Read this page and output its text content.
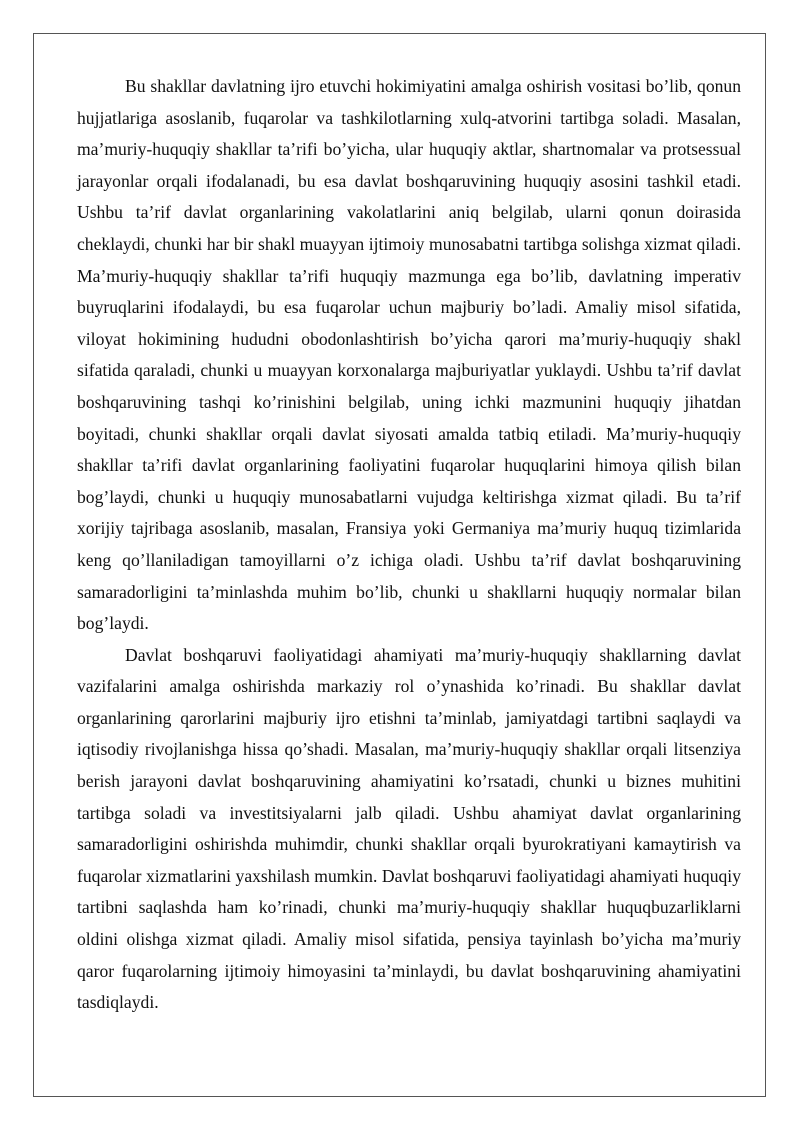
Bu shakllar davlatning ijro etuvchi hokimiyatini amalga oshirish vositasi bo’lib, qonun hujjatlariga asoslanib, fuqarolar va tashkilotlarning xulq-atvorini tartibga soladi. Masalan, ma’muriy-huquqiy shakllar ta’rifi bo’yicha, ular huquqiy aktlar, shartnomalar va protsessual jarayonlar orqali ifodalanadi, bu esa davlat boshqaruvining huquqiy asosini tashkil etadi. Ushbu ta’rif davlat organlarining vakolatlarini aniq belgilab, ularni qonun doirasida cheklaydi, chunki har bir shakl muayyan ijtimoiy munosabatni tartibga solishga xizmat qiladi. Ma’muriy-huquqiy shakllar ta’rifi huquqiy mazmunga ega bo’lib, davlatning imperativ buyruqlarini ifodalaydi, bu esa fuqarolar uchun majburiy bo’ladi. Amaliy misol sifatida, viloyat hokimining hududni obodonlashtirish bo’yicha qarori ma’muriy-huquqiy shakl sifatida qaraladi, chunki u muayyan korxonalarga majburiyatlar yuklaydi. Ushbu ta’rif davlat boshqaruvining tashqi ko’rinishini belgilab, uning ichki mazmunini huquqiy jihatdan boyitadi, chunki shakllar orqali davlat siyosati amalda tatbiq etiladi. Ma’muriy-huquqiy shakllar ta’rifi davlat organlarining faoliyatini fuqarolar huquqlarini himoya qilish bilan bog’laydi, chunki u huquqiy munosabatlarni vujudga keltirishga xizmat qiladi. Bu ta’rif xorijiy tajribaga asoslanib, masalan, Fransiya yoki Germaniya ma’muriy huquq tizimlarida keng qo’llaniladigan tamoyillarni o’z ichiga oladi. Ushbu ta’rif davlat boshqaruvining samaradorligini ta’minlashda muhim bo’lib, chunki u shakllarni huquqiy normalar bilan bog’laydi.

Davlat boshqaruvi faoliyatidagi ahamiyati ma’muriy-huquqiy shakllarning davlat vazifalarini amalga oshirishda markaziy rol o’ynashida ko’rinadi. Bu shakllar davlat organlarining qarorlarini majburiy ijro etishni ta’minlab, jamiyatdagi tartibni saqlaydi va iqtisodiy rivojlanishga hissa qo’shadi. Masalan, ma’muriy-huquqiy shakllar orqali litsenziya berish jarayoni davlat boshqaruvining ahamiyatini ko’rsatadi, chunki u biznes muhitini tartibga soladi va investitsiyalarni jalb qiladi. Ushbu ahamiyat davlat organlarining samaradorligini oshirishda muhimdir, chunki shakllar orqali byurokratiyani kamaytirish va fuqarolar xizmatlarini yaxshilash mumkin. Davlat boshqaruvi faoliyatidagi ahamiyati huquqiy tartibni saqlashda ham ko’rinadi, chunki ma’muriy-huquqiy shakllar huquqbuzarliklarni oldini olishga xizmat qiladi. Amaliy misol sifatida, pensiya tayinlash bo’yicha ma’muriy qaror fuqarolarning ijtimoiy himoyasini ta’minlaydi, bu davlat boshqaruvining ahamiyatini tasdiqlaydi.
